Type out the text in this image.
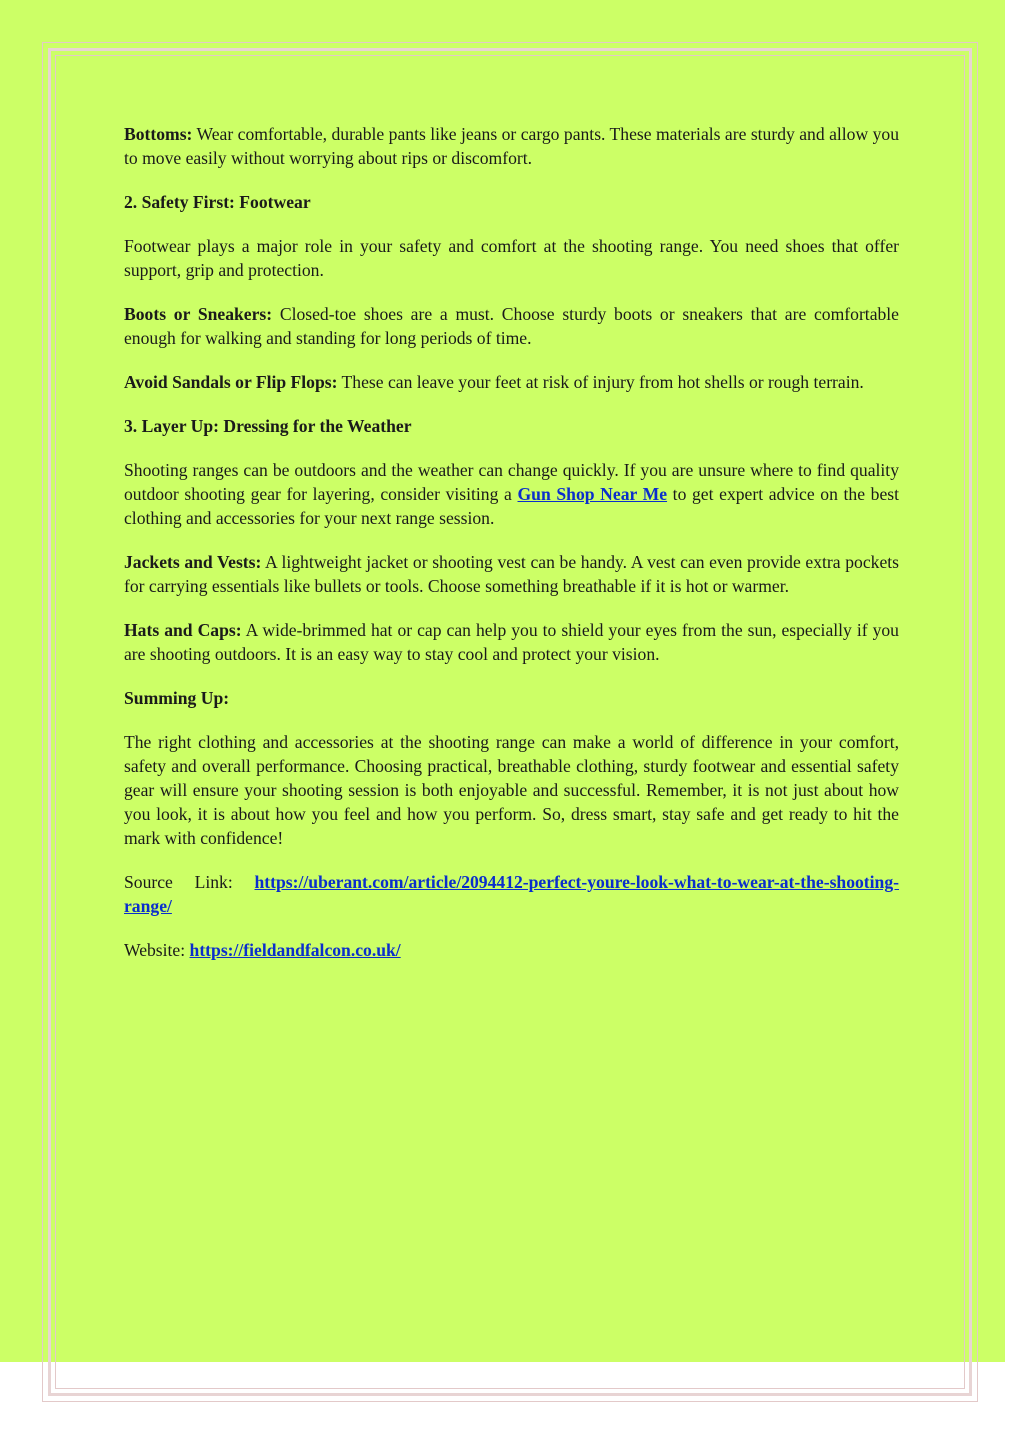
Bottoms: Wear comfortable, durable pants like jeans or cargo pants. These materials are sturdy and allow you to move easily without worrying about rips or discomfort.

2. Safety First: Footwear

Footwear plays a major role in your safety and comfort at the shooting range. You need shoes that offer support, grip and protection.

Boots or Sneakers: Closed-toe shoes are a must. Choose sturdy boots or sneakers that are comfortable enough for walking and standing for long periods of time.

Avoid Sandals or Flip Flops: These can leave your feet at risk of injury from hot shells or rough terrain.

3. Layer Up: Dressing for the Weather

Shooting ranges can be outdoors and the weather can change quickly. If you are unsure where to find quality outdoor shooting gear for layering, consider visiting a Gun Shop Near Me to get expert advice on the best clothing and accessories for your next range session.

Jackets and Vests: A lightweight jacket or shooting vest can be handy. A vest can even provide extra pockets for carrying essentials like bullets or tools. Choose something breathable if it is hot or warmer.

Hats and Caps: A wide-brimmed hat or cap can help you to shield your eyes from the sun, especially if you are shooting outdoors. It is an easy way to stay cool and protect your vision.

Summing Up:

The right clothing and accessories at the shooting range can make a world of difference in your comfort, safety and overall performance. Choosing practical, breathable clothing, sturdy footwear and essential safety gear will ensure your shooting session is both enjoyable and successful. Remember, it is not just about how you look, it is about how you feel and how you perform. So, dress smart, stay safe and get ready to hit the mark with confidence!

Source Link: https://uberant.com/article/2094412-perfect-youre-look-what-to-wear-at-the-shooting-range/

Website: https://fieldandfalcon.co.uk/
